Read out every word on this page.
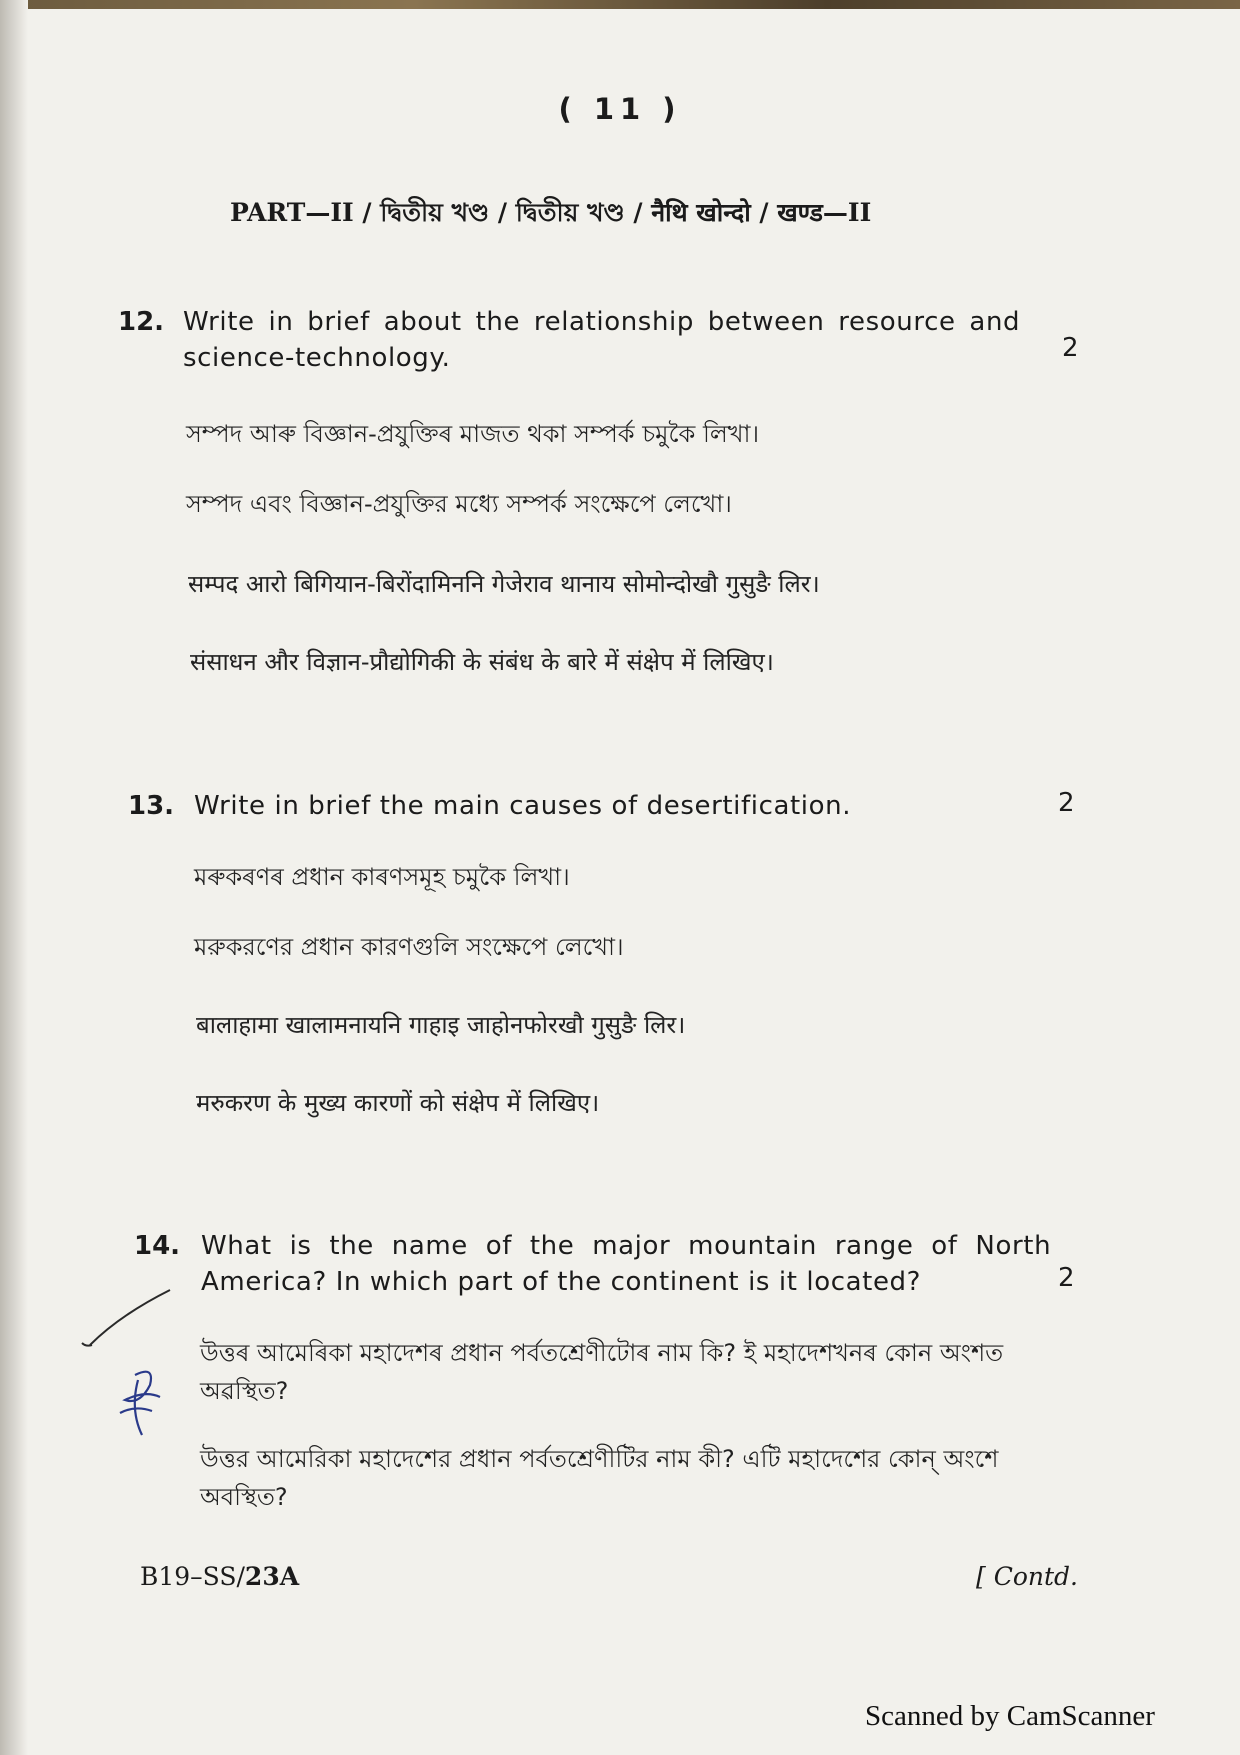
( 11 )
PART—II / দ্বিতীয় খণ্ড / দ্বিতীয় খণ্ড / नैथि खोन्दो / खण्ड—II
12. Write in brief about the relationship between resource and
science-technology.	2
সম্পদ আৰু বিজ্ঞান-প্ৰযুক্তিৰ মাজত থকা সম্পৰ্ক চমুকৈ লিখা।
সম্পদ এবং বিজ্ঞান-প্রযুক্তির মধ্যে সম্পর্ক সংক্ষেপে লেখো।
सम्पद आरो बिगियान-बिरोंदामिननि गेजेराव थानाय सोमोन्दोखौ गुसुङै लिर।
संसाधन और विज्ञान-प्रौद्योगिकी के संबंध के बारे में संक्षेप में लिखिए।
13. Write in brief the main causes of desertification.	2
মৰুকৰণৰ প্ৰধান কাৰণসমূহ চমুকৈ লিখা।
মরুকরণের প্রধান কারণগুলি সংক্ষেপে লেখো।
बालाहामा खालामनायनि गाहाइ जाहोनफोरखौ गुसुङै लिर।
मरुकरण के मुख्य कारणों को संक्षेप में लिखिए।
14. What is the name of the major mountain range of North
America? In which part of the continent is it located?	2
উত্তৰ আমেৰিকা মহাদেশৰ প্ৰধান পৰ্বতশ্ৰেণীটোৰ নাম কি? ই মহাদেশখনৰ কোন অংশত
অৱস্থিত?
উত্তর আমেরিকা মহাদেশের প্রধান পর্বতশ্রেণীটির নাম কী? এটি মহাদেশের কোন্ অংশে
অবস্থিত?
B19–SS/23A	[ Contd.
Scanned by CamScanner
